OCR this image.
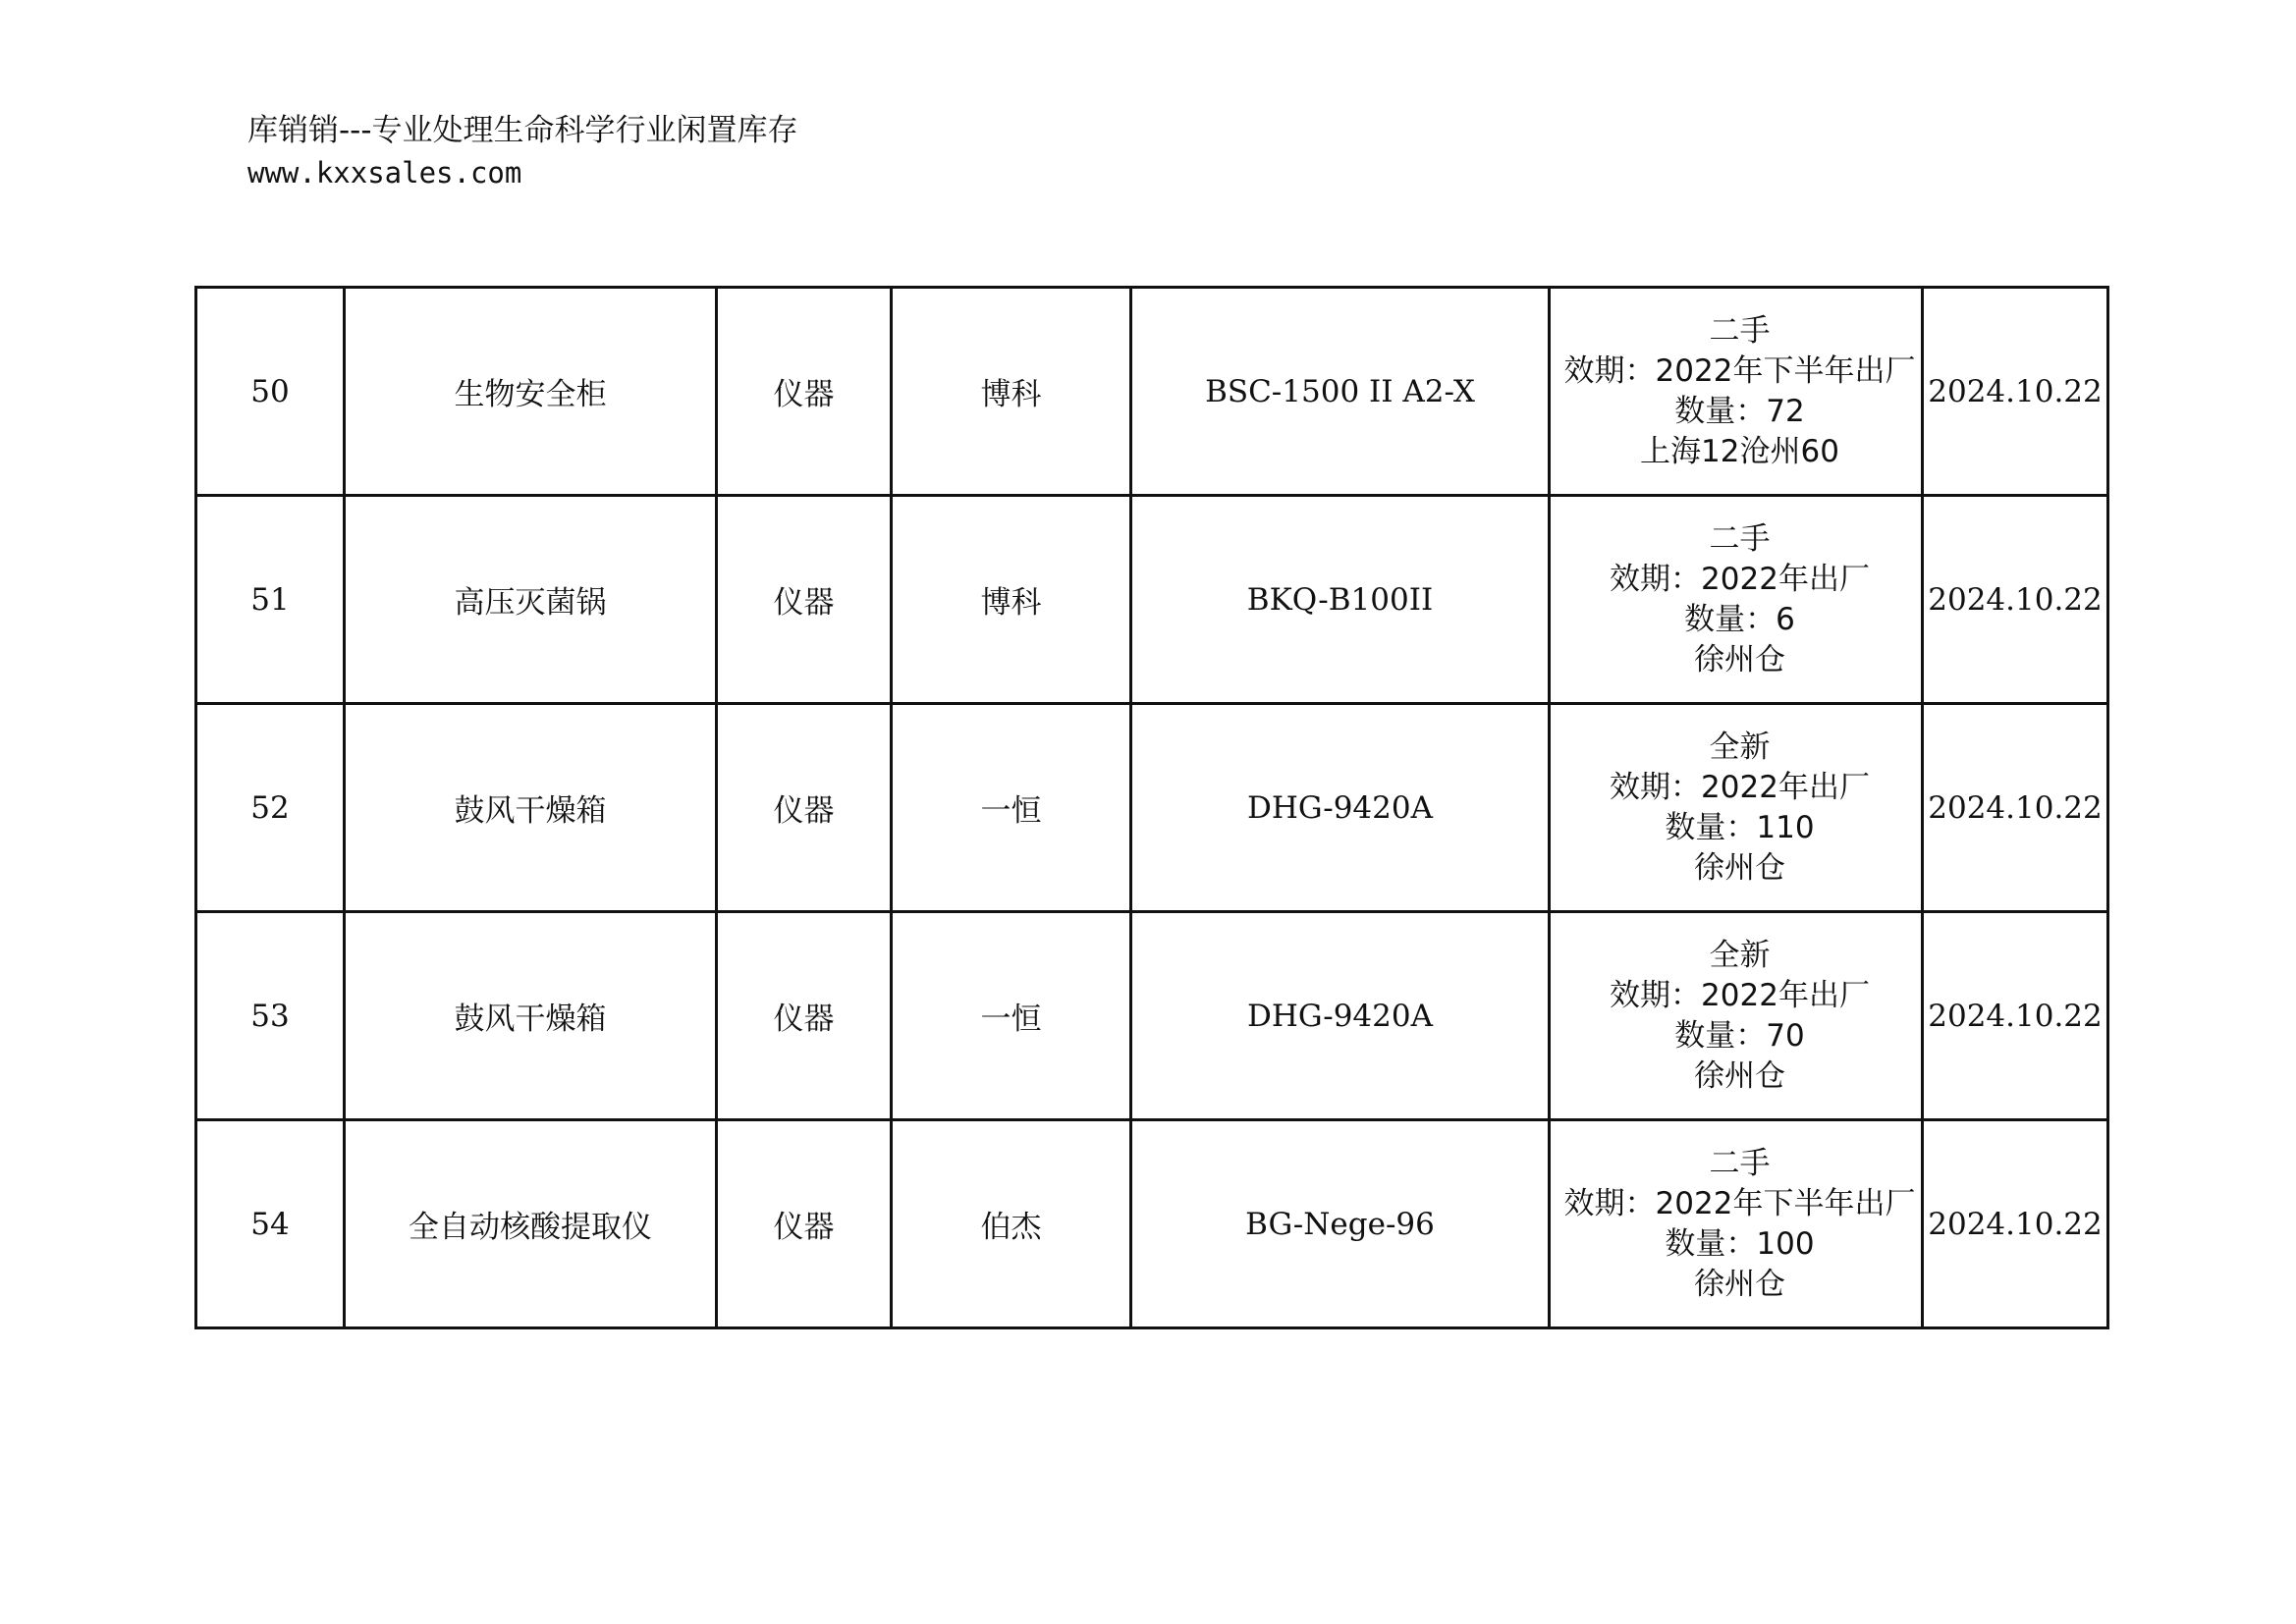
库销销---专业处理生命科学行业闲置库存
www.kxxsales.com
50	生物安全柜	仪器	博科	BSC-1500 II A2-X	二手
效期：2022年下半年出厂
数量：72
上海12沧州60	2024.10.22
51	高压灭菌锅	仪器	博科	BKQ-B100II	二手
效期：2022年出厂
数量：6
徐州仓	2024.10.22
52	鼓风干燥箱	仪器	一恒	DHG-9420A	全新
效期：2022年出厂
数量：110
徐州仓	2024.10.22
53	鼓风干燥箱	仪器	一恒	DHG-9420A	全新
效期：2022年出厂
数量：70
徐州仓	2024.10.22
54	全自动核酸提取仪	仪器	伯杰	BG-Nege-96	二手
效期：2022年下半年出厂
数量：100
徐州仓	2024.10.22
